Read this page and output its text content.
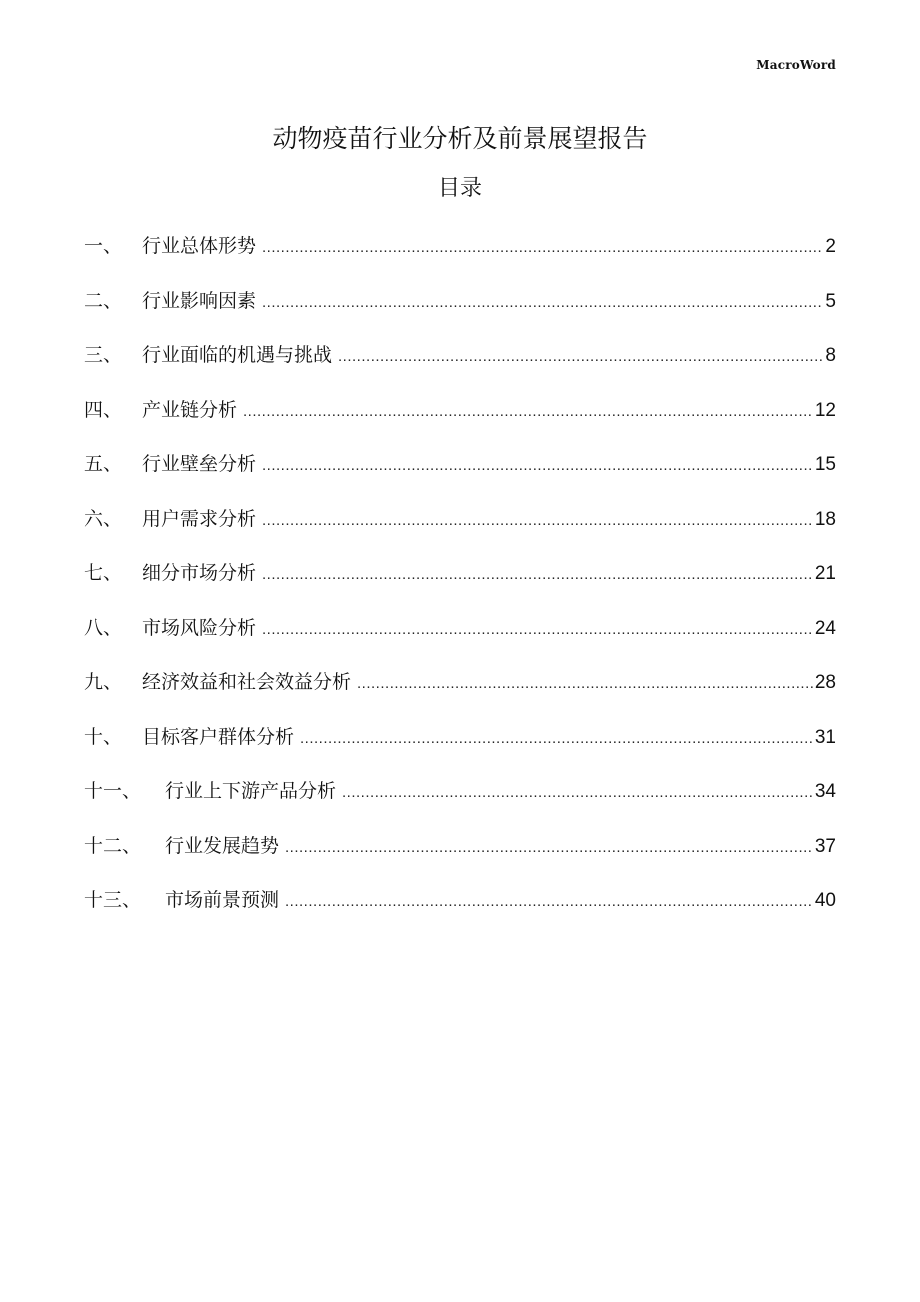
MacroWord
动物疫苗行业分析及前景展望报告
目录
一、	行业总体形势 .....	2
二、	行业影响因素 .....	5
三、	行业面临的机遇与挑战 .....	8
四、	产业链分析 .....	12
五、	行业壁垒分析 .....	15
六、	用户需求分析 .....	18
七、	细分市场分析 .....	21
八、	市场风险分析 .....	24
九、	经济效益和社会效益分析 .....	28
十、	目标客户群体分析 .....	31
十一、	行业上下游产品分析 .....	34
十二、	行业发展趋势 .....	37
十三、	市场前景预测 .....	40
